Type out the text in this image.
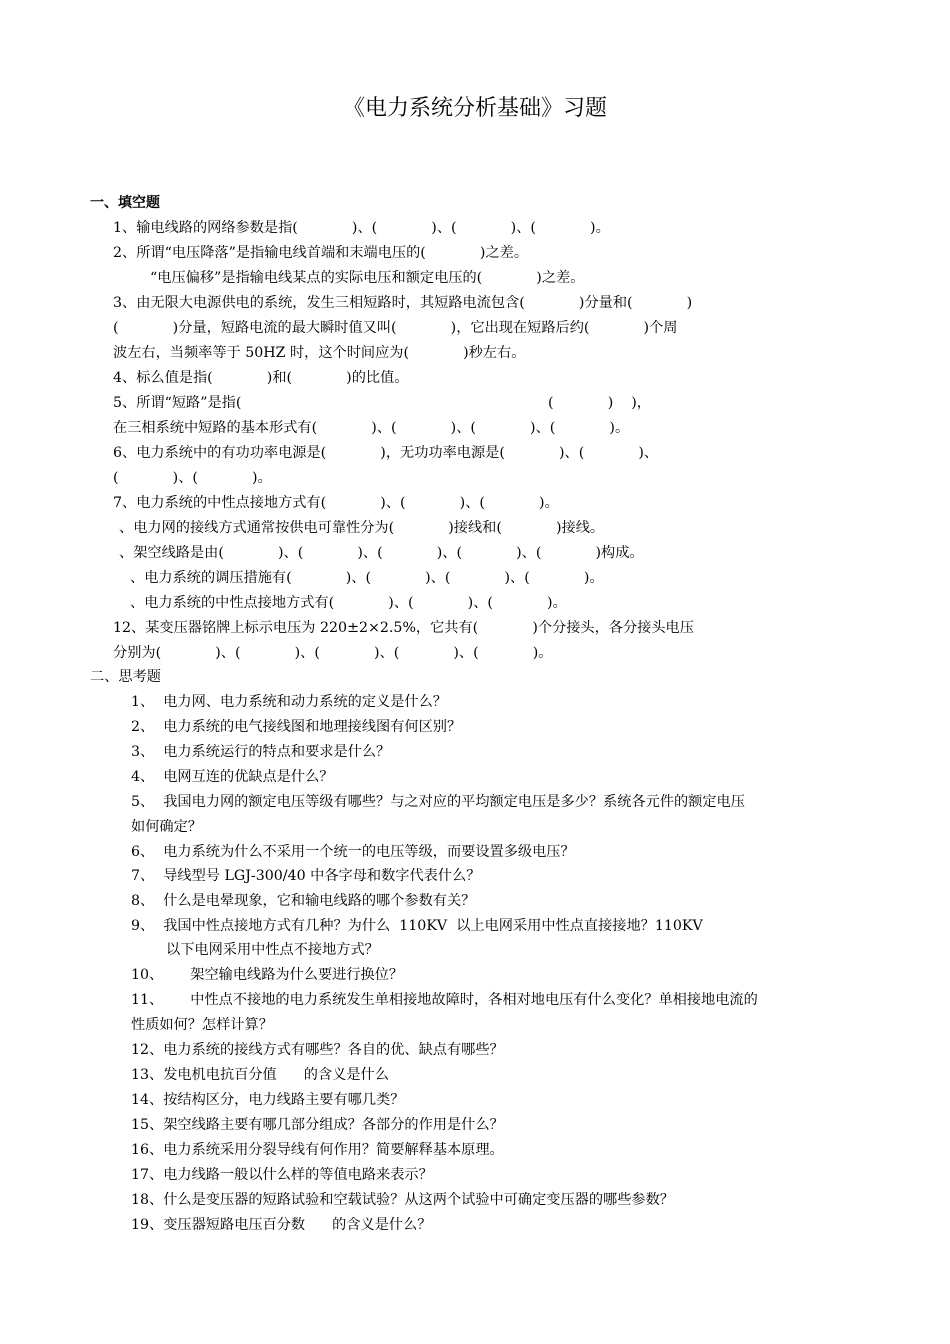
《电力系统分析基础》习题
一、填空题
1、输电线路的网络参数是指(            )、(            )、(            )、(            )。
2、所谓“电压降落”是指输电线首端和末端电压的(            )之差。
“电压偏移”是指输电线某点的实际电压和额定电压的(            )之差。
3、由无限大电源供电的系统，发生三相短路时，其短路电流包含(            )分量和(            )
(            )分量，短路电流的最大瞬时值又叫(            )，它出现在短路后约(            )个周
波左右，当频率等于 50HZ 时，这个时间应为(            )秒左右。
4、标么值是指(            )和(            )的比值。
5、所谓“短路”是指(                                                                    (            )    )，
在三相系统中短路的基本形式有(            )、(            )、(            )、(            )。
6、电力系统中的有功功率电源是(            )，无功功率电源是(            )、(            )、
(            )、(            )。
7、电力系统的中性点接地方式有(            )、(            )、(            )。
、电力网的接线方式通常按供电可靠性分为(            )接线和(            )接线。
、架空线路是由(            )、(            )、(            )、(            )、(            )构成。
、电力系统的调压措施有(            )、(            )、(            )、(            )。
、电力系统的中性点接地方式有(            )、(            )、(            )。
12、某变压器铭牌上标示电压为 220±2×2.5%，它共有(            )个分接头，各分接头电压
分别为(            )、(            )、(            )、(            )、(            )。
二、思考题
1、  电力网、电力系统和动力系统的定义是什么？
2、  电力系统的电气接线图和地理接线图有何区别？
3、  电力系统运行的特点和要求是什么？
4、  电网互连的优缺点是什么？
5、  我国电力网的额定电压等级有哪些？与之对应的平均额定电压是多少？系统各元件的额定电压
如何确定？
6、  电力系统为什么不采用一个统一的电压等级，而要设置多级电压？
7、  导线型号 LGJ-300/40 中各字母和数字代表什么？
8、  什么是电晕现象，它和输电线路的哪个参数有关？
9、  我国中性点接地方式有几种？为什么  110KV  以上电网采用中性点直接接地？110KV
以下电网采用中性点不接地方式？
10、      架空输电线路为什么要进行换位？
11、      中性点不接地的电力系统发生单相接地故障时，各相对地电压有什么变化？单相接地电流的
性质如何？怎样计算？
12、电力系统的接线方式有哪些？各自的优、缺点有哪些？
13、发电机电抗百分值      的含义是什么
14、按结构区分，电力线路主要有哪几类？
15、架空线路主要有哪几部分组成？各部分的作用是什么？
16、电力系统采用分裂导线有何作用？简要解释基本原理。
17、电力线路一般以什么样的等值电路来表示？
18、什么是变压器的短路试验和空载试验？从这两个试验中可确定变压器的哪些参数？
19、变压器短路电压百分数      的含义是什么？
